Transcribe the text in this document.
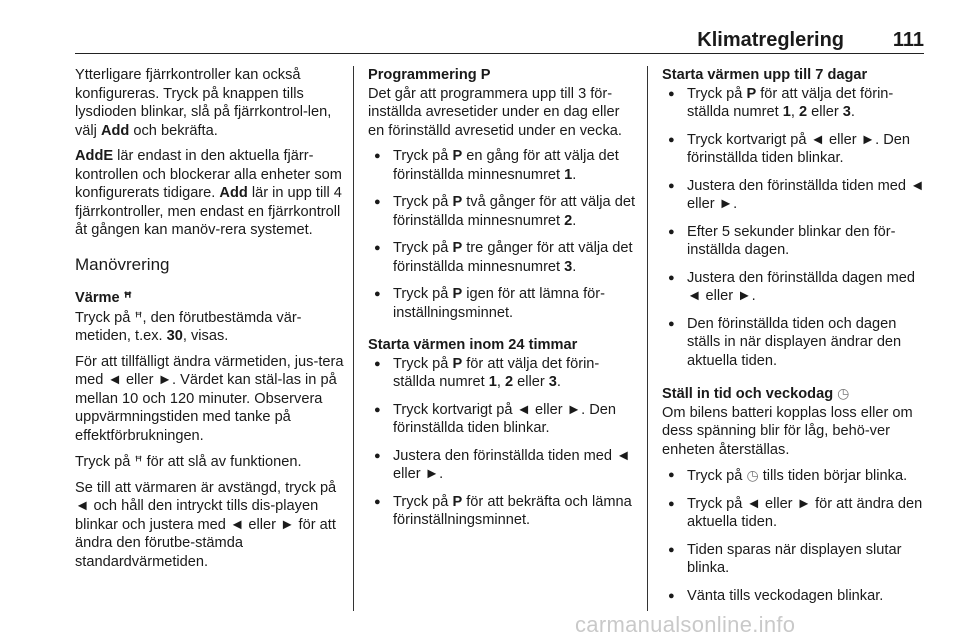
Klimatreglering 111

Ytterligare fjärrkontroller kan också konfigureras. Tryck på knappen tills lysdioden blinkar, slå på fjärrkontrol-len, välj Add och bekräfta.

AddE lär endast in den aktuella fjärr-kontrollen och blockerar alla enheter som konfigurerats tidigare. Add lär in upp till 4 fjärrkontroller, men endast en fjärrkontroll åt gången kan manöv-rera systemet.

Manövrering

Värme ꟸ

Tryck på ꟸ, den förutbestämda vär-metiden, t.ex. 30, visas.

För att tillfälligt ändra värmetiden, jus-tera med ◄ eller ►. Värdet kan stäl-las in på mellan 10 och 120 minuter. Observera uppvärmningstiden med tanke på effektförbrukningen.

Tryck på ꟸ för att slå av funktionen.

Se till att värmaren är avstängd, tryck på ◄ och håll den intryckt tills dis-playen blinkar och justera med ◄ eller ► för att ändra den förutbe-stämda standardvärmetiden.

Programmering P

Det går att programmera upp till 3 för-inställda avresetider under en dag eller en förinställd avresetid under en vecka.

● Tryck på P en gång för att välja det förinställda minnesnumret 1.
● Tryck på P två gånger för att välja det förinställda minnesnumret 2.
● Tryck på P tre gånger för att välja det förinställda minnesnumret 3.
● Tryck på P igen för att lämna för-inställningsminnet.

Starta värmen inom 24 timmar

● Tryck på P för att välja det förin-ställda numret 1, 2 eller 3.
● Tryck kortvarigt på ◄ eller ►. Den förinställda tiden blinkar.
● Justera den förinställda tiden med ◄ eller ►.
● Tryck på P för att bekräfta och lämna förinställningsminnet.

Starta värmen upp till 7 dagar

● Tryck på P för att välja det förin-ställda numret 1, 2 eller 3.
● Tryck kortvarigt på ◄ eller ►. Den förinställda tiden blinkar.
● Justera den förinställda tiden med ◄ eller ►.
● Efter 5 sekunder blinkar den för-inställda dagen.
● Justera den förinställda dagen med ◄ eller ►.
● Den förinställda tiden och dagen ställs in när displayen ändrar den aktuella tiden.

Ställ in tid och veckodag ◷

Om bilens batteri kopplas loss eller om dess spänning blir för låg, behö-ver enheten återställas.

● Tryck på ◷ tills tiden börjar blinka.
● Tryck på ◄ eller ► för att ändra den aktuella tiden.
● Tiden sparas när displayen slutar blinka.
● Vänta tills veckodagen blinkar.
carmanualsonline.info
